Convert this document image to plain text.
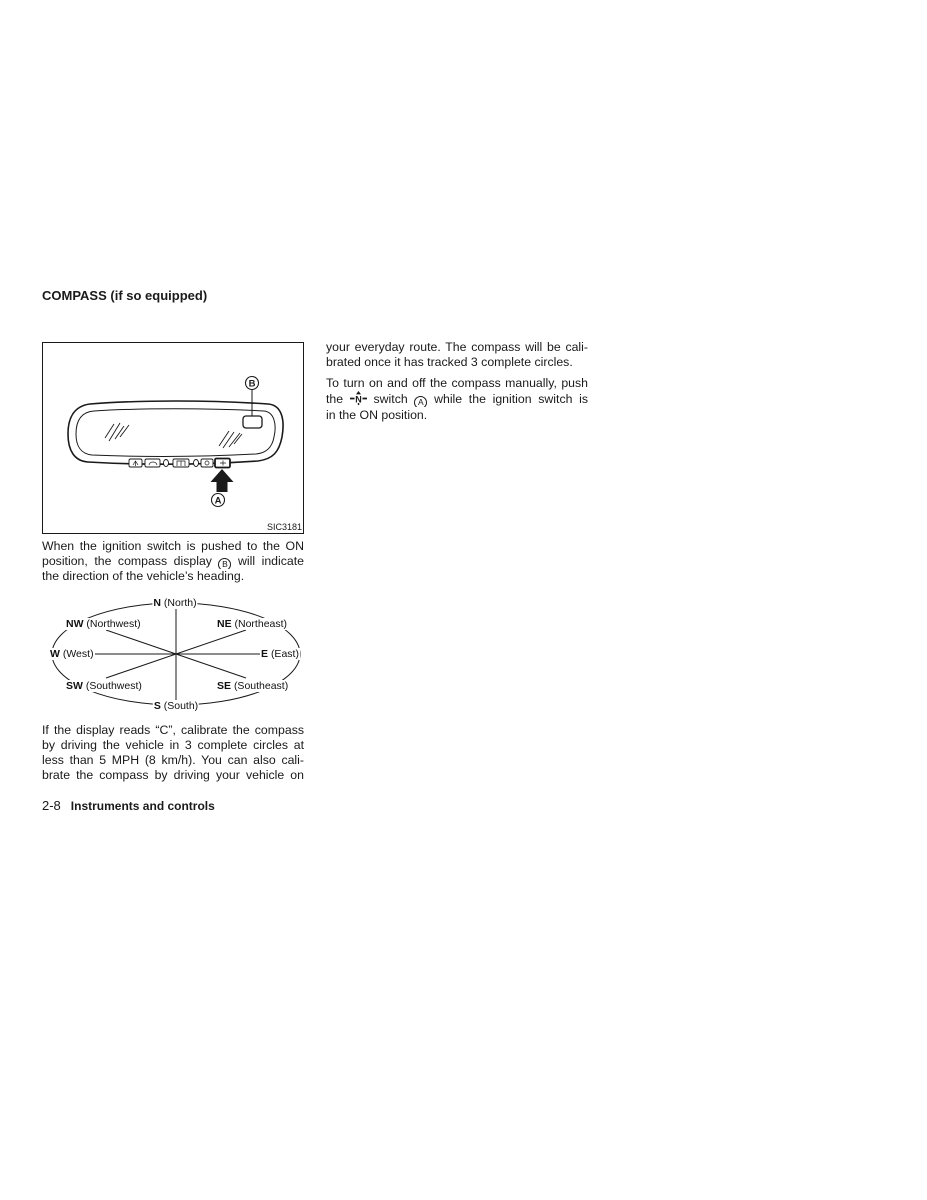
COMPASS (if so equipped)
B
A
SIC3181
When the ignition switch is pushed to the ON
position, the compass display B will indicate
the direction of the vehicle’s heading.
N (North)
NW (Northwest)	NE (Northeast)
W (West)	E (East)
SW (Southwest)	SE (Southeast)
S (South)
If the display reads “C”, calibrate the compass
by driving the vehicle in 3 complete circles at
less than 5 MPH (8 km/h). You can also cali-
brate the compass by driving your vehicle on
your everyday route. The compass will be cali-
brated once it has tracked 3 complete circles.
To turn on and off the compass manually, push
the N switch A while the ignition switch is
in the ON position.
2-8 Instruments and controls
